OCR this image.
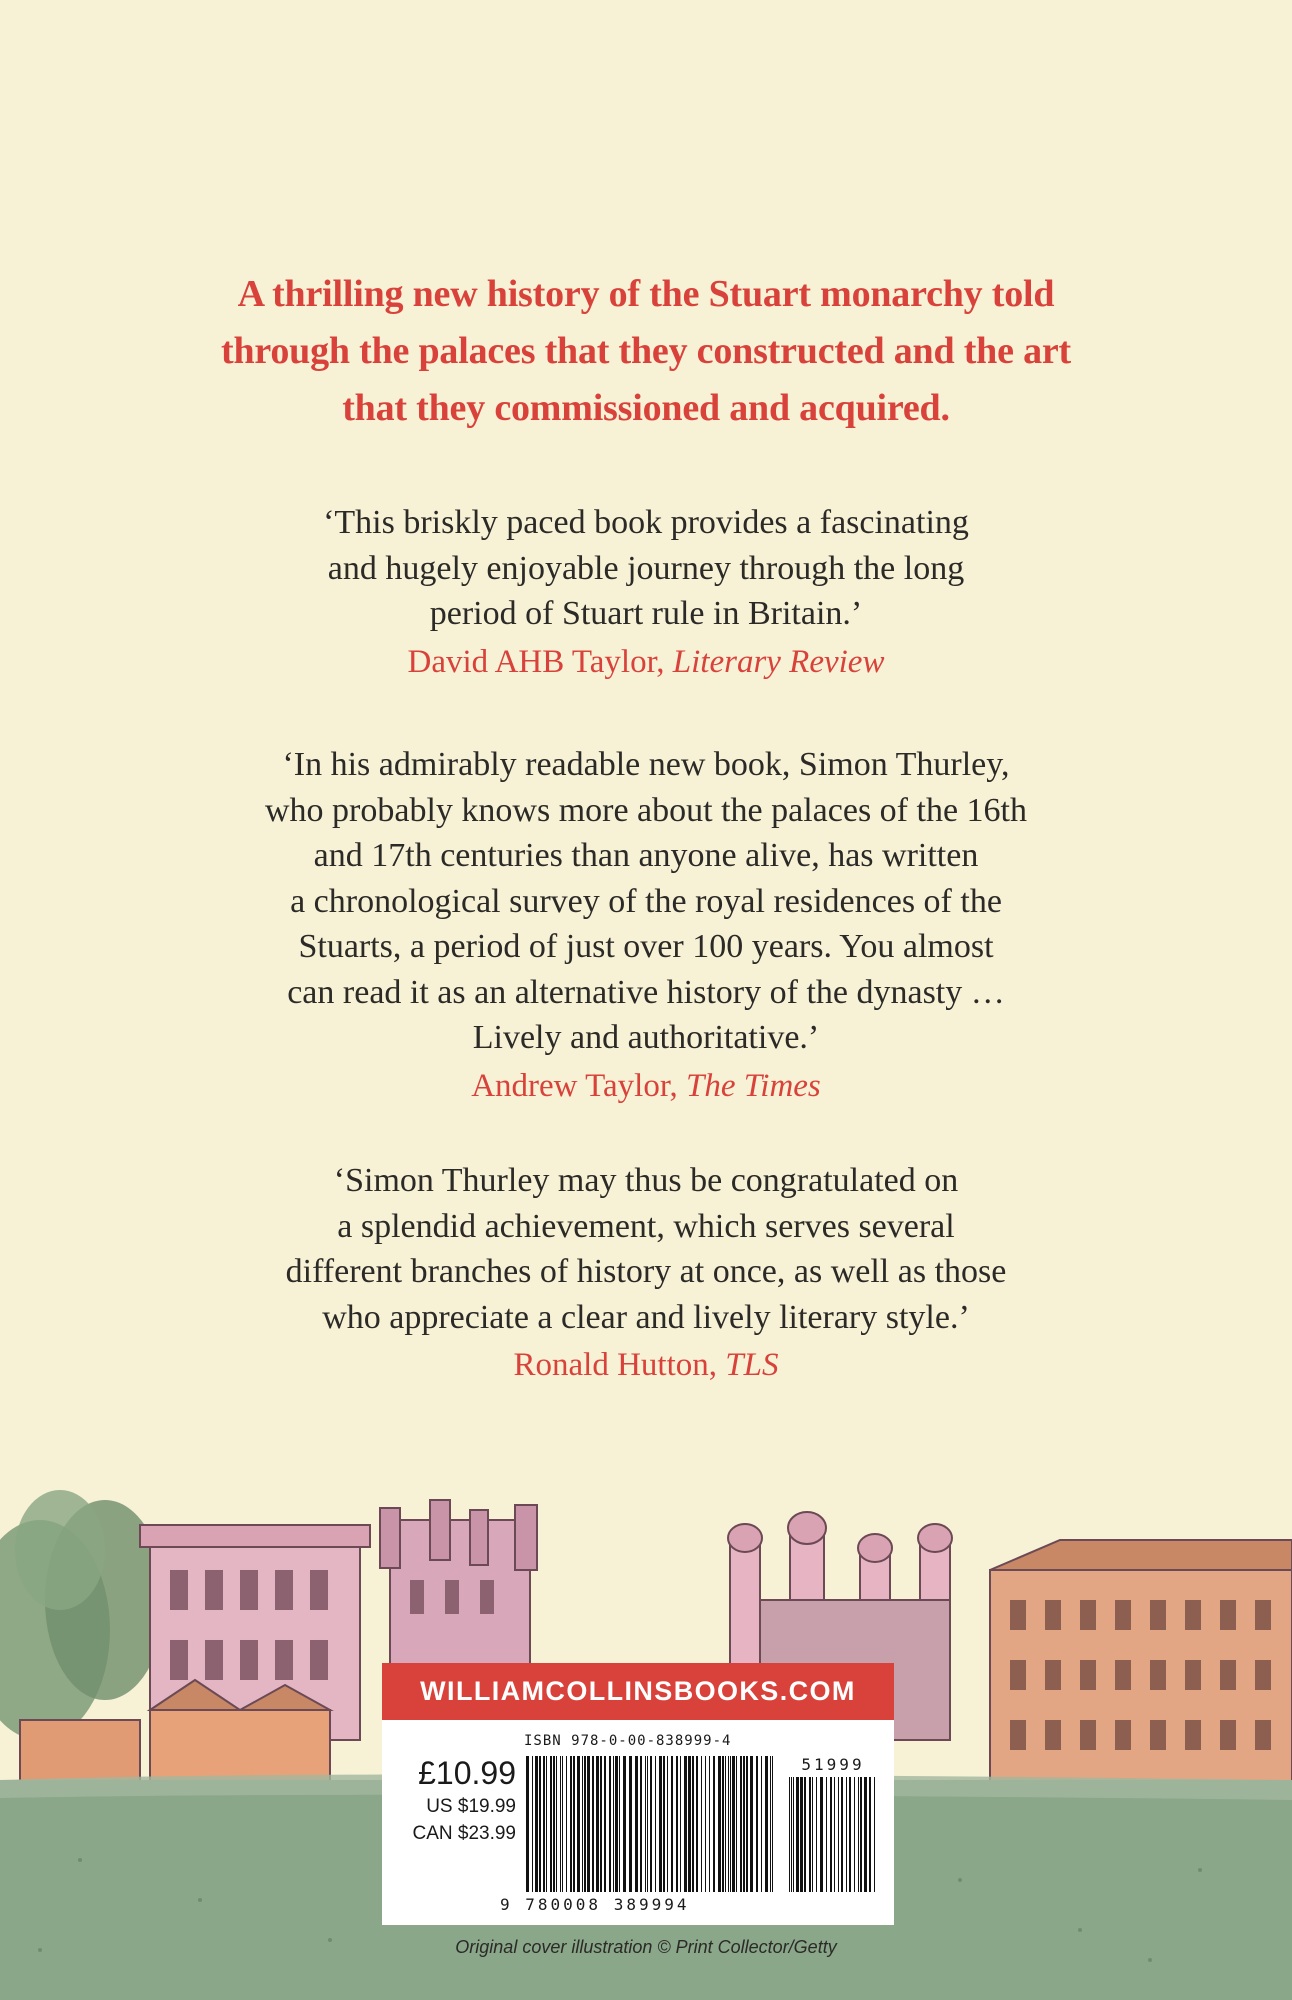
A thrilling new history of the Stuart monarchy told
through the palaces that they constructed and the art
that they commissioned and acquired.
‘This briskly paced book provides a fascinating
and hugely enjoyable journey through the long
period of Stuart rule in Britain.’
David AHB Taylor, Literary Review
‘In his admirably readable new book, Simon Thurley,
who probably knows more about the palaces of the 16th
and 17th centuries than anyone alive, has written
a chronological survey of the royal residences of the
Stuarts, a period of just over 100 years. You almost
can read it as an alternative history of the dynasty …
Lively and authoritative.’
Andrew Taylor, The Times
‘Simon Thurley may thus be congratulated on
a splendid achievement, which serves several
different branches of history at once, as well as those
who appreciate a clear and lively literary style.’
Ronald Hutton, TLS
WILLIAMCOLLINSBOOKS.COM
ISBN 978-0-00-838999-4
£10.99
US $19.99
CAN $23.99
51999
9 780008 389994
Original cover illustration © Print Collector/Getty
